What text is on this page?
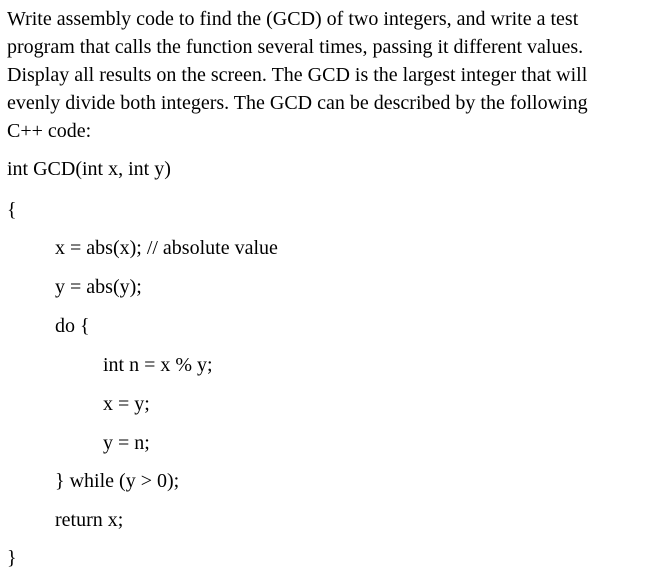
Write assembly code to find the (GCD) of two integers, and write a test
program that calls the function several times, passing it different values.
Display all results on the screen. The GCD is the largest integer that will
evenly divide both integers. The GCD can be described by the following
C++ code:
int GCD(int x, int y)
{
x = abs(x); // absolute value
y = abs(y);
do {
int n = x % y;
x = y;
y = n;
} while (y > 0);
return x;
}
